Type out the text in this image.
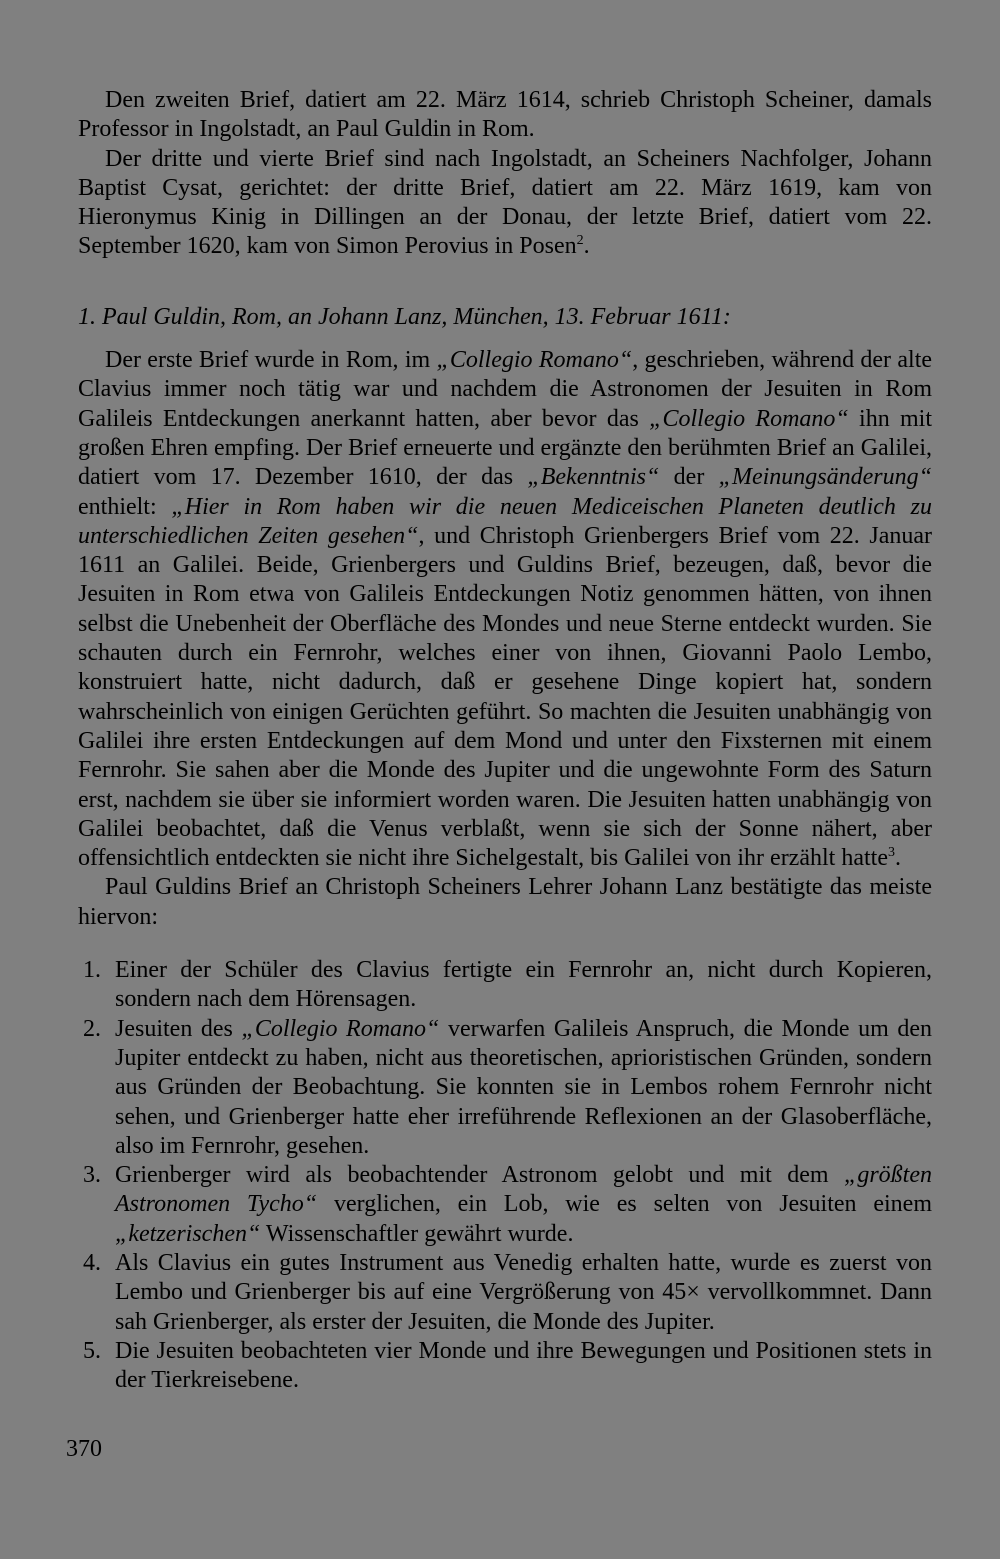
Den zweiten Brief, datiert am 22. März 1614, schrieb Christoph Scheiner, damals Professor in Ingolstadt, an Paul Guldin in Rom.

Der dritte und vierte Brief sind nach Ingolstadt, an Scheiners Nachfolger, Johann Baptist Cysat, gerichtet: der dritte Brief, datiert am 22. März 1619, kam von Hieronymus Kinig in Dillingen an der Donau, der letzte Brief, datiert vom 22. September 1620, kam von Simon Perovius in Posen$^2$.

1. Paul Guldin, Rom, an Johann Lanz, München, 13. Februar 1611:

Der erste Brief wurde in Rom, im „Collegio Romano“, geschrieben, während der alte Clavius immer noch tätig war und nachdem die Astronomen der Jesuiten in Rom Galileis Entdeckungen anerkannt hatten, aber bevor das „Collegio Romano“ ihn mit großen Ehren empfing. Der Brief erneuerte und ergänzte den berühmten Brief an Galilei, datiert vom 17. Dezember 1610, der das „Bekenntnis“ der „Meinungsänderung“ enthielt: „Hier in Rom haben wir die neuen Mediceischen Planeten deutlich zu unterschiedlichen Zeiten gesehen“, und Christoph Grienbergers Brief vom 22. Januar 1611 an Galilei. Beide, Grienbergers und Guldins Brief, bezeugen, daß, bevor die Jesuiten in Rom etwa von Galileis Entdeckungen Notiz genommen hätten, von ihnen selbst die Unebenheit der Oberfläche des Mondes und neue Sterne entdeckt wurden. Sie schauten durch ein Fernrohr, welches einer von ihnen, Giovanni Paolo Lembo, konstruiert hatte, nicht dadurch, daß er gesehene Dinge kopiert hat, sondern wahrscheinlich von einigen Gerüchten geführt. So machten die Jesuiten unabhängig von Galilei ihre ersten Entdeckungen auf dem Mond und unter den Fixsternen mit einem Fernrohr. Sie sahen aber die Monde des Jupiter und die ungewohnte Form des Saturn erst, nachdem sie über sie informiert worden waren. Die Jesuiten hatten unabhängig von Galilei beobachtet, daß die Venus verblaßt, wenn sie sich der Sonne nähert, aber offensichtlich entdeckten sie nicht ihre Sichelgestalt, bis Galilei von ihr erzählt hatte$^3$.

Paul Guldins Brief an Christoph Scheiners Lehrer Johann Lanz bestätigte das meiste hiervon:

1. Einer der Schüler des Clavius fertigte ein Fernrohr an, nicht durch Kopieren, sondern nach dem Hörensagen.
2. Jesuiten des „Collegio Romano“ verwarfen Galileis Anspruch, die Monde um den Jupiter entdeckt zu haben, nicht aus theoretischen, aprioristischen Gründen, sondern aus Gründen der Beobachtung. Sie konnten sie in Lembos rohem Fernrohr nicht sehen, und Grienberger hatte eher irreführende Reflexionen an der Glasoberfläche, also im Fernrohr, gesehen.
3. Grienberger wird als beobachtender Astronom gelobt und mit dem „größten Astronomen Tycho“ verglichen, ein Lob, wie es selten von Jesuiten einem „ketzerischen“ Wissenschaftler gewährt wurde.
4. Als Clavius ein gutes Instrument aus Venedig erhalten hatte, wurde es zuerst von Lembo und Grienberger bis auf eine Vergrößerung von 45× vervollkommnet. Dann sah Grienberger, als erster der Jesuiten, die Monde des Jupiter.
5. Die Jesuiten beobachteten vier Monde und ihre Bewegungen und Positionen stets in der Tierkreisebene.
370
